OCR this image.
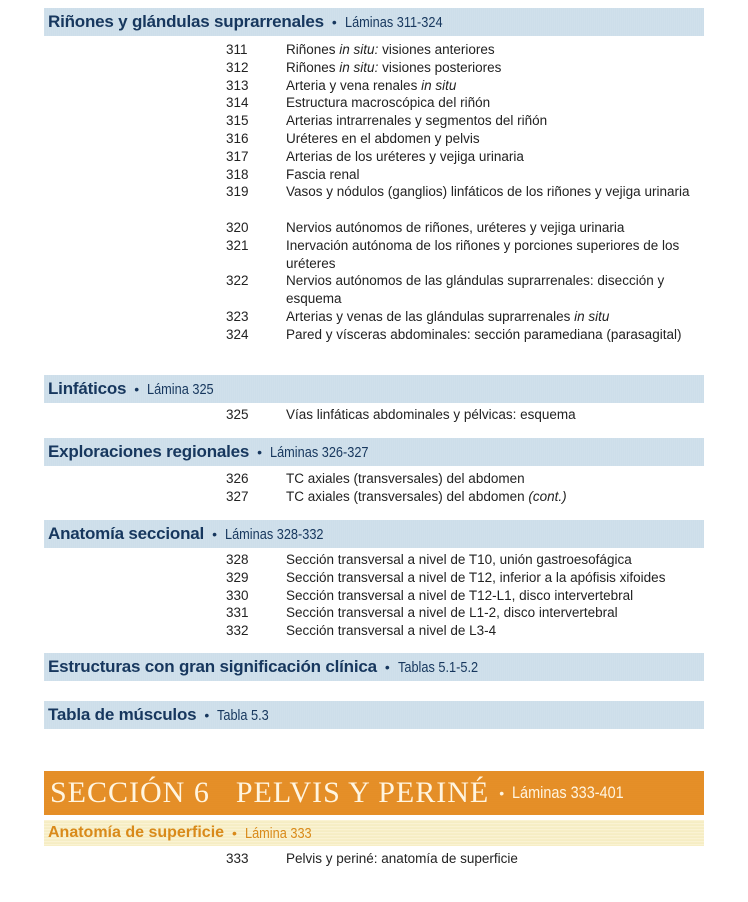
Riñones y glándulas suprarrenales • Láminas 311-324
Linfáticos • Lámina 325
Exploraciones regionales • Láminas 326-327
Anatomía seccional • Láminas 328-332
Estructuras con gran significación clínica • Tablas 5.1-5.2
Tabla de músculos • Tabla 5.3
SECCIÓN 6 PELVIS Y PERINÉ • Láminas 333-401
Anatomía de superficie • Lámina 333
311	Riñones in situ: visiones anteriores
312	Riñones in situ: visiones posteriores
313	Arteria y vena renales in situ
314	Estructura macroscópica del riñón
315	Arterias intrarrenales y segmentos del riñón
316	Uréteres en el abdomen y pelvis
317	Arterias de los uréteres y vejiga urinaria
318	Fascia renal
319	Vasos y nódulos (ganglios) linfáticos de los riñones y vejiga urinaria
320	Nervios autónomos de riñones, uréteres y vejiga urinaria
321	Inervación autónoma de los riñones y porciones superiores de los uréteres
322	Nervios autónomos de las glándulas suprarrenales: disección y esquema
323	Arterias y venas de las glándulas suprarrenales in situ
324	Pared y vísceras abdominales: sección paramediana (parasagital)
325	Vías linfáticas abdominales y pélvicas: esquema
326	TC axiales (transversales) del abdomen
327	TC axiales (transversales) del abdomen (cont.)
328	Sección transversal a nivel de T10, unión gastroesofágica
329	Sección transversal a nivel de T12, inferior a la apófisis xifoides
330	Sección transversal a nivel de T12-L1, disco intervertebral
331	Sección transversal a nivel de L1-2, disco intervertebral
332	Sección transversal a nivel de L3-4
333	Pelvis y periné: anatomía de superficie
